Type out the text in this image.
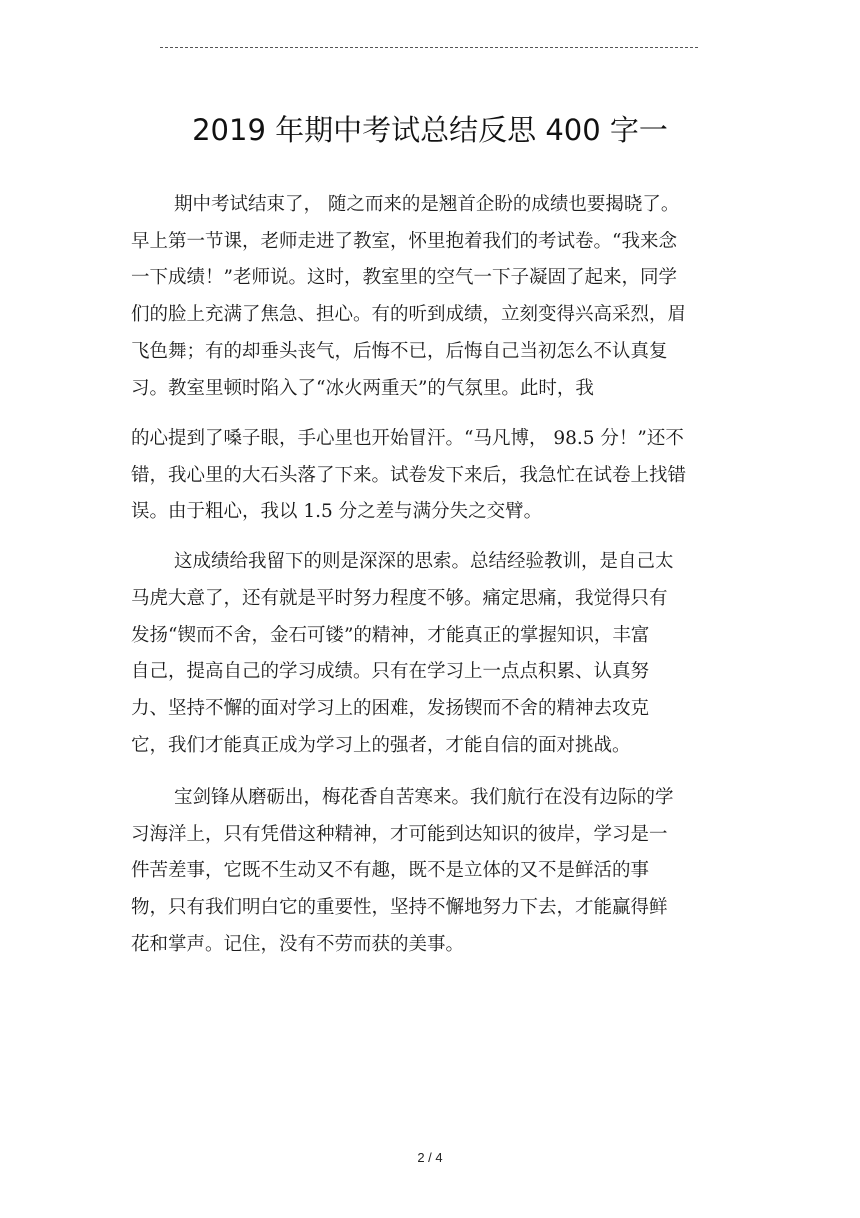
2019 年期中考试总结反思 400 字一
期中考试结束了， 随之而来的是翘首企盼的成绩也要揭晓了。
早上第一节课，老师走进了教室，怀里抱着我们的考试卷。“我来念
一下成绩！”老师说。这时，教室里的空气一下子凝固了起来，同学
们的脸上充满了焦急、担心。有的听到成绩，立刻变得兴高采烈，眉
飞色舞；有的却垂头丧气，后悔不已，后悔自己当初怎么不认真复
习。教室里顿时陷入了“冰火两重天”的气氛里。此时，我
的心提到了嗓子眼，手心里也开始冒汗。“马凡博， 98.5 分！”还不
错，我心里的大石头落了下来。试卷发下来后，我急忙在试卷上找错
误。由于粗心，我以 1.5 分之差与满分失之交臂。
这成绩给我留下的则是深深的思索。总结经验教训，是自己太
马虎大意了，还有就是平时努力程度不够。痛定思痛，我觉得只有
发扬“锲而不舍，金石可镂”的精神，才能真正的掌握知识，丰富
自己，提高自己的学习成绩。只有在学习上一点点积累、认真努
力、坚持不懈的面对学习上的困难，发扬锲而不舍的精神去攻克
它，我们才能真正成为学习上的强者，才能自信的面对挑战。
宝剑锋从磨砺出，梅花香自苦寒来。我们航行在没有边际的学
习海洋上，只有凭借这种精神，才可能到达知识的彼岸，学习是一
件苦差事，它既不生动又不有趣，既不是立体的又不是鲜活的事
物，只有我们明白它的重要性，坚持不懈地努力下去，才能赢得鲜
花和掌声。记住，没有不劳而获的美事。
2 / 4
